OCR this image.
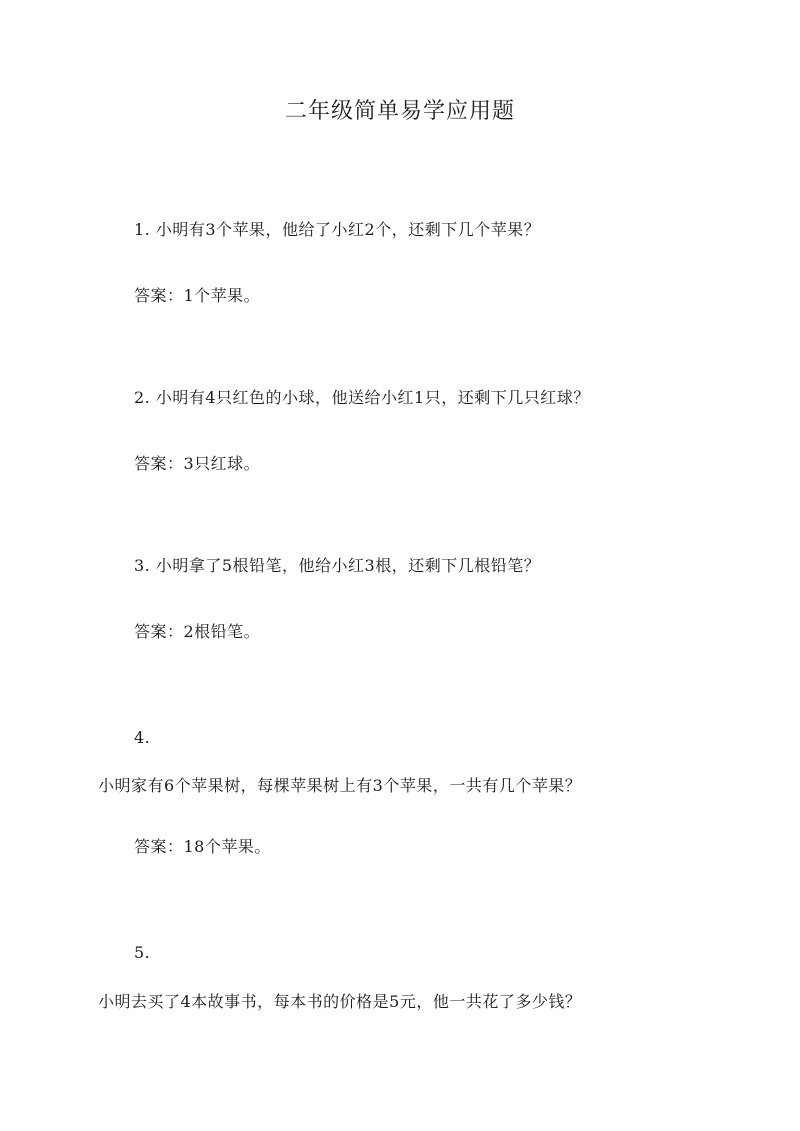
二年级简单易学应用题
1. 小明有3个苹果，他给了小红2个，还剩下几个苹果？
答案：1个苹果。
2. 小明有4只红色的小球，他送给小红1只，还剩下几只红球？
答案：3只红球。
3. 小明拿了5根铅笔，他给小红3根，还剩下几根铅笔？
答案：2根铅笔。
4.
小明家有6个苹果树，每棵苹果树上有3个苹果，一共有几个苹果？
答案：18个苹果。
5.
小明去买了4本故事书，每本书的价格是5元，他一共花了多少钱？
